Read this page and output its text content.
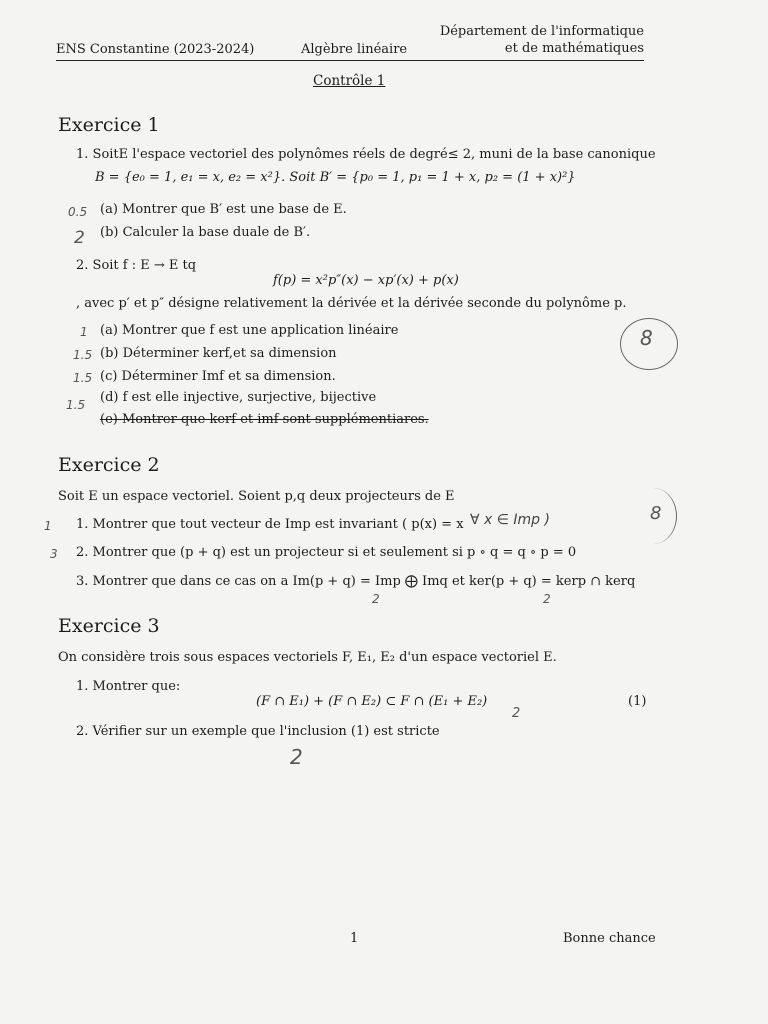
ENS Constantine (2023-2024)	Algèbre linéaire
Département de l'informatique
et de mathématiques
Contrôle 1
Exercice 1
1. SoitE l'espace vectoriel des polynômes réels de degré≤ 2, muni de la base canonique
B = {e₀ = 1, e₁ = x, e₂ = x²}. Soit B′ = {p₀ = 1, p₁ = 1 + x, p₂ = (1 + x)²}
(a) Montrer que B′ est une base de E.
(b) Calculer la base duale de B′.
2. Soit f : E → E tq
f(p) = x²p″(x) − xp′(x) + p(x)
, avec p′ et p″ désigne relativement la dérivée et la dérivée seconde du polynôme p.
(a) Montrer que f est une application linéaire
(b) Déterminer kerf,et sa dimension
(c) Déterminer Imf et sa dimension.
(d) f est elle injective, surjective, bijective
(e) Montrer que kerf et imf sont supplémentiares.
Exercice 2
Soit E un espace vectoriel. Soient p,q deux projecteurs de E
1. Montrer que tout vecteur de Imp est invariant ( p(x) = x
2. Montrer que (p + q) est un projecteur si et seulement si p ∘ q = q ∘ p = 0
3. Montrer que dans ce cas on a Im(p + q) = Imp ⨁ Imq et ker(p + q) = kerp ∩ kerq
Exercice 3
On considère trois sous espaces vectoriels F, E₁, E₂ d'un espace vectoriel E.
1. Montrer que:
(F ∩ E₁) + (F ∩ E₂) ⊂ F ∩ (E₁ + E₂)	(1)
2. Vérifier sur un exemple que l'inclusion (1) est stricte
1	Bonne chance
0.5
2
1
1.5
1.5
1.5
8
1
3
∀ x ∈ Imp )	8
2	2
2
2
